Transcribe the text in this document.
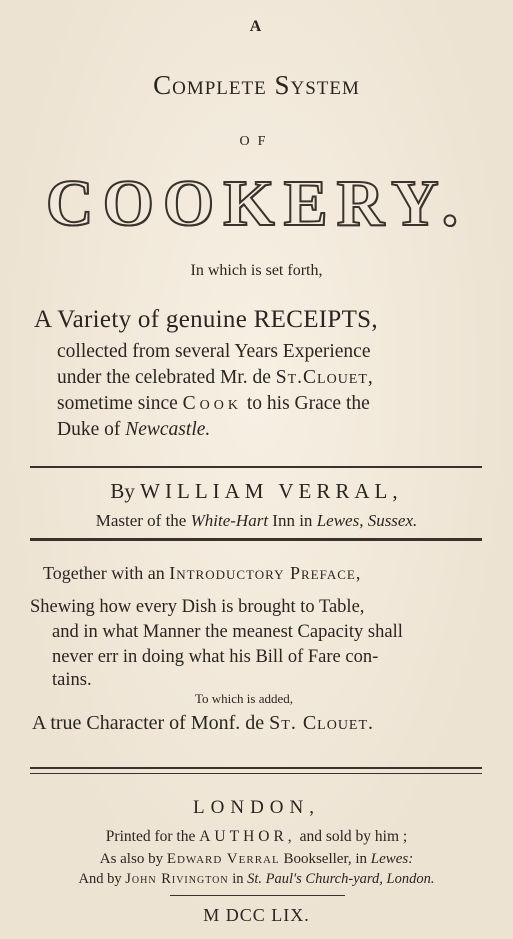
A
Complete System
OF
COOKERY.
In which is set forth,
A Variety of genuine RECEIPTS,
collected from several Years Experience
under the celebrated Mr. de St.Clouet,
sometime since Cook to his Grace the
Duke of Newcastle.
By WILLIAM VERRAL,
Master of the White-Hart Inn in Lewes, Sussex.
Together with an Introductory Preface,
Shewing how every Dish is brought to Table,
and in what Manner the meanest Capacity shall
never err in doing what his Bill of Fare con-
tains.
To which is added,
A true Character of Monf. de St. Clouet.
LONDON,
Printed for the AUTHOR, and sold by him ;
As also by Edward Verral Bookseller, in Lewes:
And by John Rivington in St. Paul's Church-yard, London.
M DCC LIX.
